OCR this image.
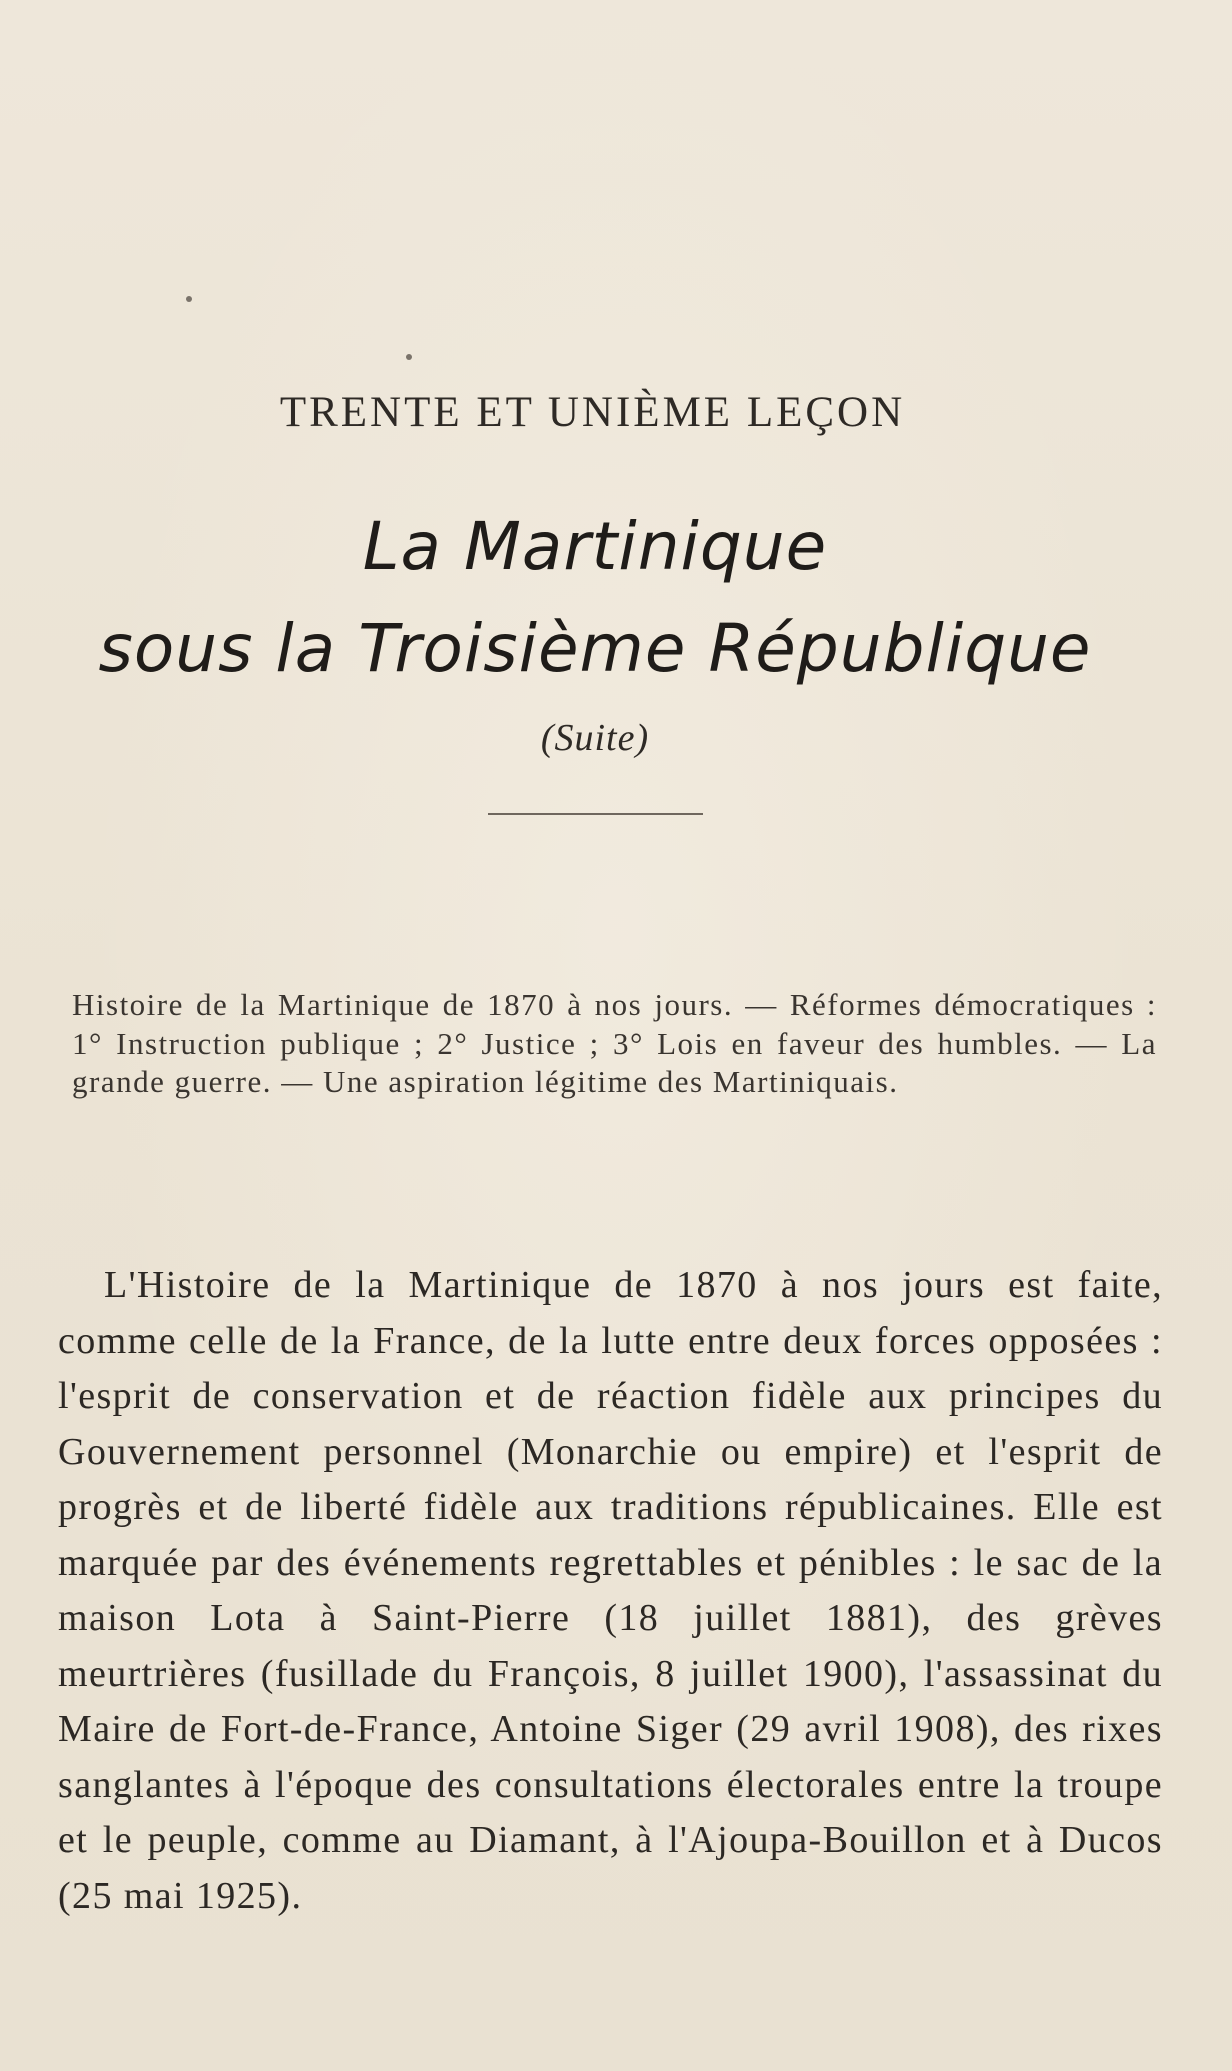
TRENTE ET UNIÈME LEÇON
La Martinique
sous la Troisième République
(Suite)
Histoire de la Martinique de 1870 à nos jours. — Réformes démocratiques : 1° Instruction publique ; 2° Justice ; 3° Lois en faveur des humbles. — La grande guerre. — Une aspiration légitime des Martiniquais.
L'Histoire de la Martinique de 1870 à nos jours est faite, comme celle de la France, de la lutte entre deux forces opposées : l'esprit de conservation et de réaction fidèle aux principes du Gouvernement personnel (Monarchie ou empire) et l'esprit de progrès et de liberté fidèle aux traditions républicaines. Elle est marquée par des événements regrettables et pénibles : le sac de la maison Lota à Saint-Pierre (18 juillet 1881), des grèves meurtrières (fusillade du François, 8 juillet 1900), l'assassinat du Maire de Fort-de-France, Antoine Siger (29 avril 1908), des rixes sanglantes à l'époque des consultations électorales entre la troupe et le peuple, comme au Diamant, à l'Ajoupa-Bouillon et à Ducos (25 mai 1925).
